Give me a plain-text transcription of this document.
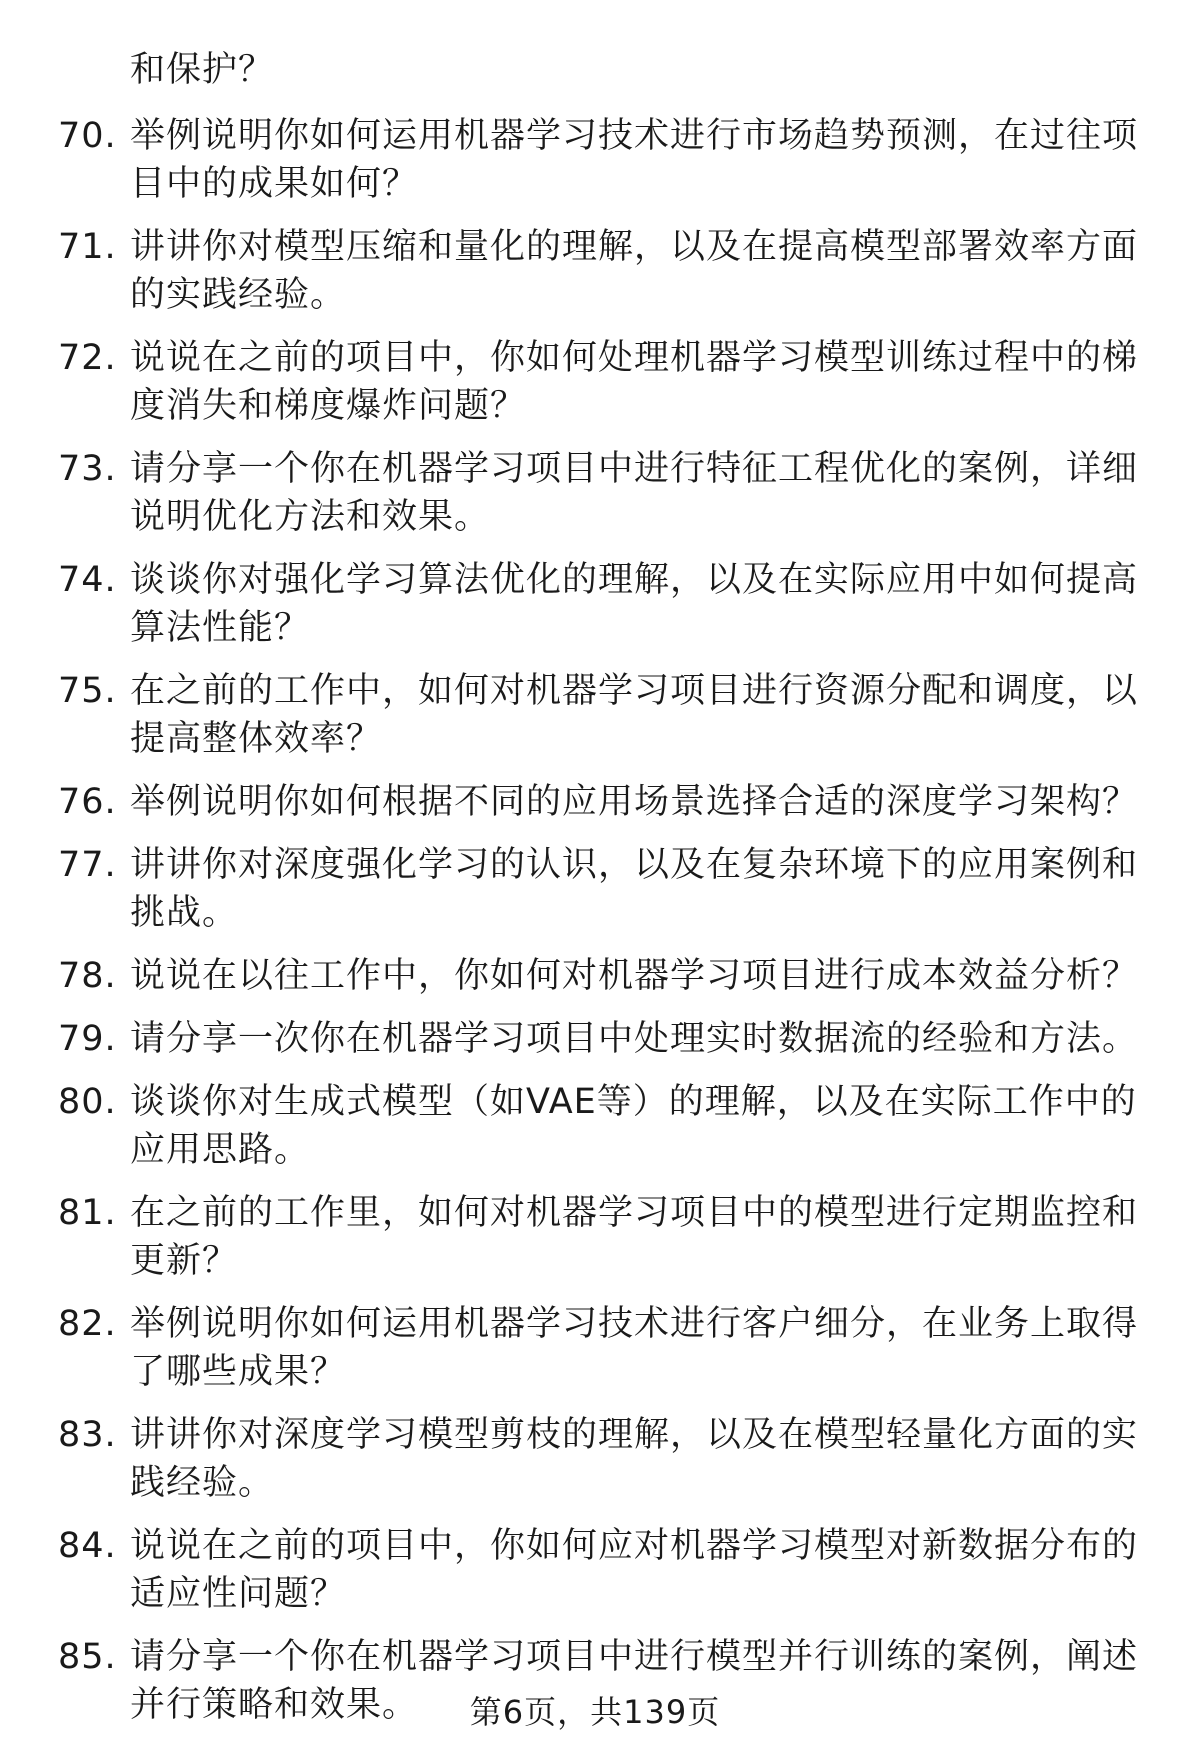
和保护？
70. 举例说明你如何运用机器学习技术进行市场趋势预测，在过往项目中的成果如何？
71. 讲讲你对模型压缩和量化的理解，以及在提高模型部署效率方面的实践经验。
72. 说说在之前的项目中，你如何处理机器学习模型训练过程中的梯度消失和梯度爆炸问题？
73. 请分享一个你在机器学习项目中进行特征工程优化的案例，详细说明优化方法和效果。
74. 谈谈你对强化学习算法优化的理解，以及在实际应用中如何提高算法性能？
75. 在之前的工作中，如何对机器学习项目进行资源分配和调度，以提高整体效率？
76. 举例说明你如何根据不同的应用场景选择合适的深度学习架构？
77. 讲讲你对深度强化学习的认识，以及在复杂环境下的应用案例和挑战。
78. 说说在以往工作中，你如何对机器学习项目进行成本效益分析？
79. 请分享一次你在机器学习项目中处理实时数据流的经验和方法。
80. 谈谈你对生成式模型（如VAE等）的理解，以及在实际工作中的应用思路。
81. 在之前的工作里，如何对机器学习项目中的模型进行定期监控和更新？
82. 举例说明你如何运用机器学习技术进行客户细分，在业务上取得了哪些成果？
83. 讲讲你对深度学习模型剪枝的理解，以及在模型轻量化方面的实践经验。
84. 说说在之前的项目中，你如何应对机器学习模型对新数据分布的适应性问题？
85. 请分享一个你在机器学习项目中进行模型并行训练的案例，阐述并行策略和效果。	第6页，共139页
